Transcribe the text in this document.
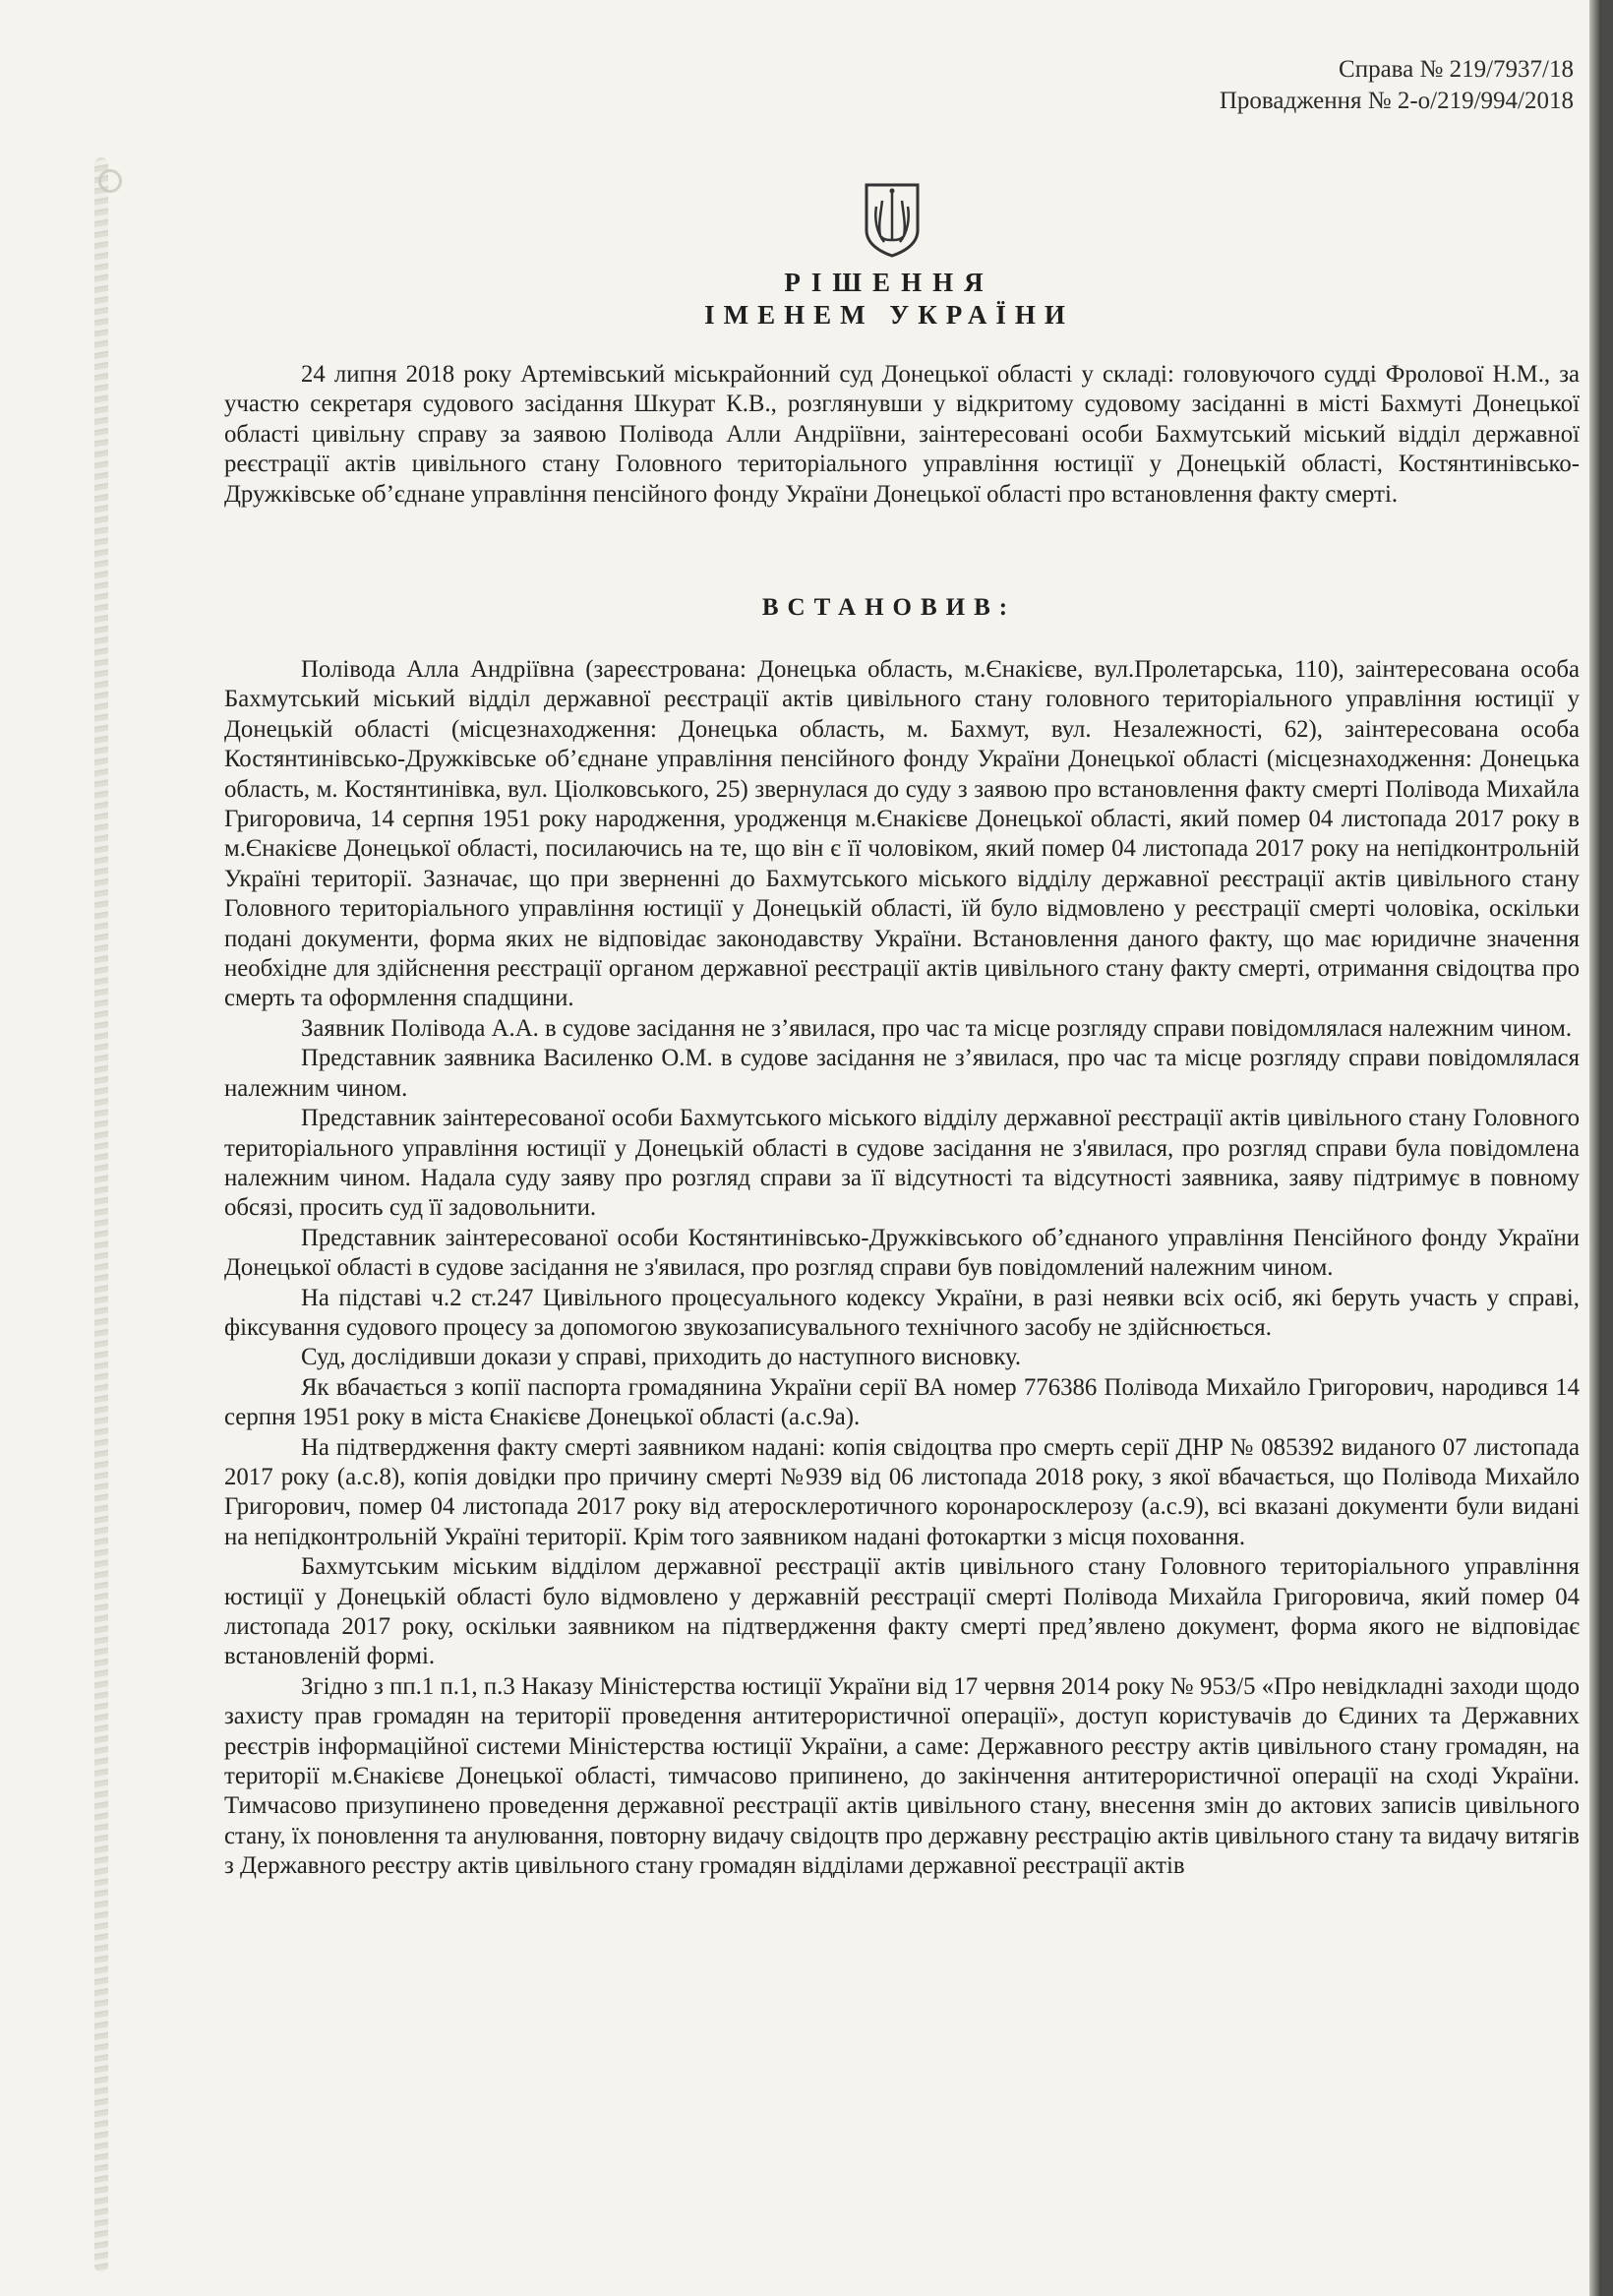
Справа № 219/7937/18
Провадження № 2-о/219/994/2018
РІШЕННЯ
ІМЕНЕМ УКРАЇНИ

24 липня 2018 року Артемівський міськрайонний суд Донецької області у складі: головуючого судді Фролової Н.М., за участю секретаря судового засідання Шкурат К.В., розглянувши у відкритому судовому засіданні в місті Бахмуті Донецької області цивільну справу за заявою Полівода Алли Андріївни, заінтересовані особи Бахмутський міський відділ державної реєстрації актів цивільного стану Головного територіального управління юстиції у Донецькій області, Костянтинівсько-Дружківське об’єднане управління пенсійного фонду України Донецької області про встановлення факту смерті.

ВСТАНОВИВ:

Полівода Алла Андріївна (зареєстрована: Донецька область, м.Єнакієве, вул.Пролетарська, 110), заінтересована особа Бахмутський міський відділ державної реєстрації актів цивільного стану головного територіального управління юстиції у Донецькій області (місцезнаходження: Донецька область, м. Бахмут, вул. Незалежності, 62), заінтересована особа Костянтинівсько-Дружківське об’єднане управління пенсійного фонду України Донецької області (місцезнаходження: Донецька область, м. Костянтинівка, вул. Ціолковського, 25) звернулася до суду з заявою про встановлення факту смерті Полівода Михайла Григоровича, 14 серпня 1951 року народження, уродженця м.Єнакієве Донецької області, який помер 04 листопада 2017 року в м.Єнакієве Донецької області, посилаючись на те, що він є її чоловіком, який помер 04 листопада 2017 року на непідконтрольній Україні території. Зазначає, що при зверненні до Бахмутського міського відділу державної реєстрації актів цивільного стану Головного територіального управління юстиції у Донецькій області, їй було відмовлено у реєстрації смерті чоловіка, оскільки подані документи, форма яких не відповідає законодавству України. Встановлення даного факту, що має юридичне значення необхідне для здійснення реєстрації органом державної реєстрації актів цивільного стану факту смерті, отримання свідоцтва про смерть та оформлення спадщини.

Заявник Полівода А.А. в судове засідання не з’явилася, про час та місце розгляду справи повідомлялася належним чином.

Представник заявника Василенко О.М. в судове засідання не з’явилася, про час та місце розгляду справи повідомлялася належним чином.

Представник заінтересованої особи Бахмутського міського відділу державної реєстрації актів цивільного стану Головного територіального управління юстиції у Донецькій області в судове засідання не з'явилася, про розгляд справи була повідомлена належним чином. Надала суду заяву про розгляд справи за її відсутності та відсутності заявника, заяву підтримує в повному обсязі, просить суд її задовольнити.

Представник заінтересованої особи Костянтинівсько-Дружківського об’єднаного управління Пенсійного фонду України Донецької області в судове засідання не з'явилася, про розгляд справи був повідомлений належним чином.

На підставі ч.2 ст.247 Цивільного процесуального кодексу України, в разі неявки всіх осіб, які беруть участь у справі, фіксування судового процесу за допомогою звукозаписувального технічного засобу не здійснюється.

Суд, дослідивши докази у справі, приходить до наступного висновку.

Як вбачається з копії паспорта громадянина України серії ВА номер 776386 Полівода Михайло Григорович, народився 14 серпня 1951 року в міста Єнакієве Донецької області (а.с.9а).

На підтвердження факту смерті заявником надані: копія свідоцтва про смерть серії ДНР № 085392 виданого 07 листопада 2017 року (а.с.8), копія довідки про причину смерті №939 від 06 листопада 2018 року, з якої вбачається, що Полівода Михайло Григорович, помер 04 листопада 2017 року від атеросклеротичного коронаросклерозу (а.с.9), всі вказані документи були видані на непідконтрольній Україні території. Крім того заявником надані фотокартки з місця поховання.

Бахмутським міським відділом державної реєстрації актів цивільного стану Головного територіального управління юстиції у Донецькій області було відмовлено у державній реєстрації смерті Полівода Михайла Григоровича, який помер 04 листопада 2017 року, оскільки заявником на підтвердження факту смерті пред’явлено документ, форма якого не відповідає встановленій формі.

Згідно з пп.1 п.1, п.3 Наказу Міністерства юстиції України від 17 червня 2014 року № 953/5 «Про невідкладні заходи щодо захисту прав громадян на території проведення антитерористичної операції», доступ користувачів до Єдиних та Державних реєстрів інформаційної системи Міністерства юстиції України, а саме: Державного реєстру актів цивільного стану громадян, на території м.Єнакієве Донецької області, тимчасово припинено, до закінчення антитерористичної операції на сході України. Тимчасово призупинено проведення державної реєстрації актів цивільного стану, внесення змін до актових записів цивільного стану, їх поновлення та анулювання, повторну видачу свідоцтв про державну реєстрацію актів цивільного стану та видачу витягів з Державного реєстру актів цивільного стану громадян відділами державної реєстрації актів
